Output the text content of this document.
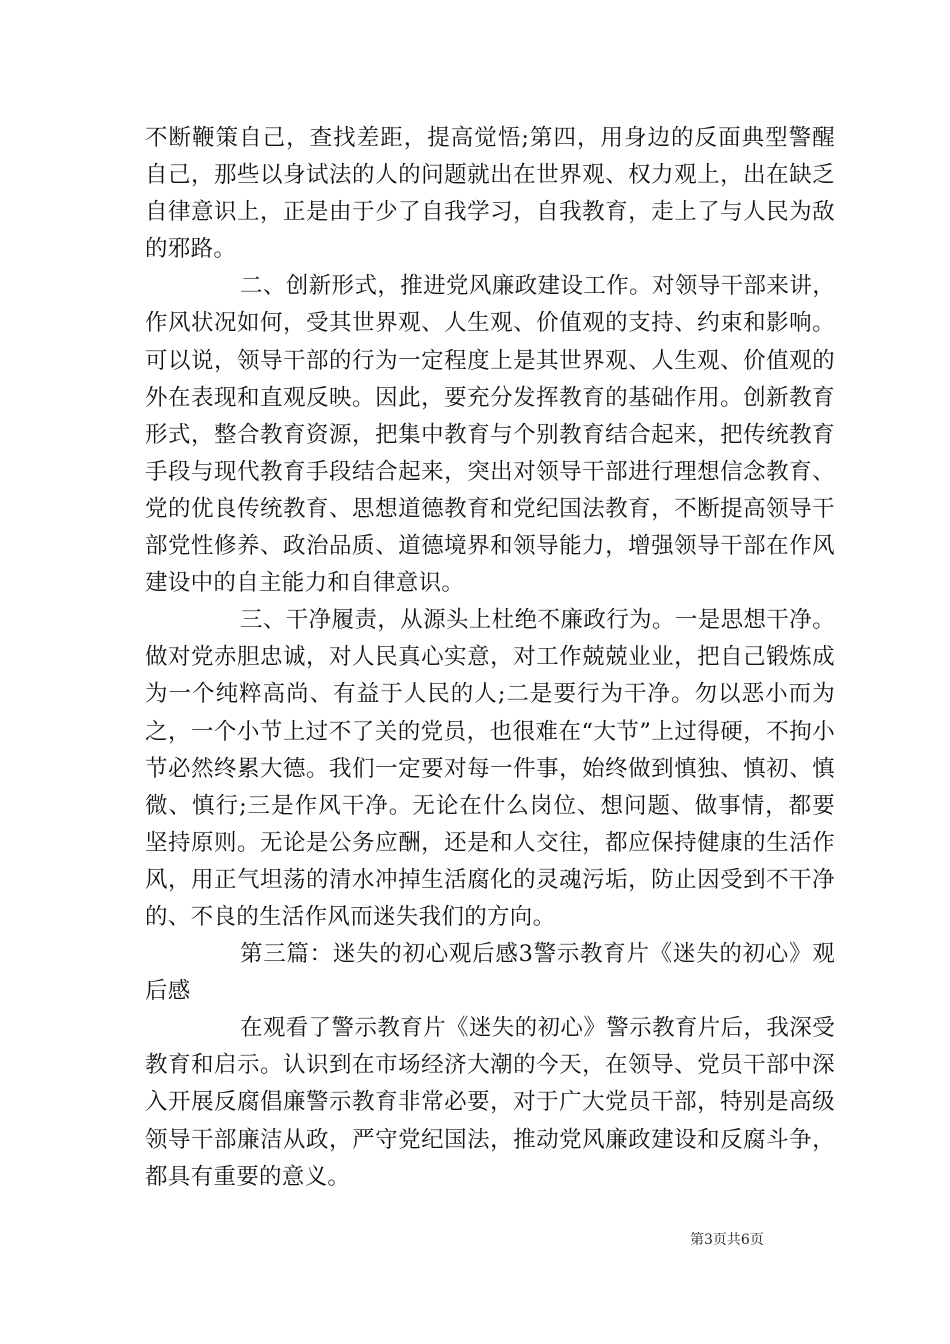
不断鞭策自己，查找差距，提高觉悟;第四，用身边的反面典型警醒自己，那些以身试法的人的问题就出在世界观、权力观上，出在缺乏自律意识上，正是由于少了自我学习，自我教育，走上了与人民为敌的邪路。

二、创新形式，推进党风廉政建设工作。对领导干部来讲，作风状况如何，受其世界观、人生观、价值观的支持、约束和影响。可以说，领导干部的行为一定程度上是其世界观、人生观、价值观的外在表现和直观反映。因此，要充分发挥教育的基础作用。创新教育形式，整合教育资源，把集中教育与个别教育结合起来，把传统教育手段与现代教育手段结合起来，突出对领导干部进行理想信念教育、党的优良传统教育、思想道德教育和党纪国法教育，不断提高领导干部党性修养、政治品质、道德境界和领导能力，增强领导干部在作风建设中的自主能力和自律意识。

三、干净履责，从源头上杜绝不廉政行为。一是思想干净。做对党赤胆忠诚，对人民真心实意，对工作兢兢业业，把自己锻炼成为一个纯粹高尚、有益于人民的人;二是要行为干净。勿以恶小而为之，一个小节上过不了关的党员，也很难在“大节”上过得硬，不拘小节必然终累大德。我们一定要对每一件事，始终做到慎独、慎初、慎微、慎行;三是作风干净。无论在什么岗位、想问题、做事情，都要坚持原则。无论是公务应酬，还是和人交往，都应保持健康的生活作风，用正气坦荡的清水冲掉生活腐化的灵魂污垢，防止因受到不干净的、不良的生活作风而迷失我们的方向。

第三篇：迷失的初心观后感3警示教育片《迷失的初心》观后感

在观看了警示教育片《迷失的初心》警示教育片后，我深受教育和启示。认识到在市场经济大潮的今天，在领导、党员干部中深入开展反腐倡廉警示教育非常必要，对于广大党员干部，特别是高级领导干部廉洁从政，严守党纪国法，推动党风廉政建设和反腐斗争，都具有重要的意义。

第3页共6页
